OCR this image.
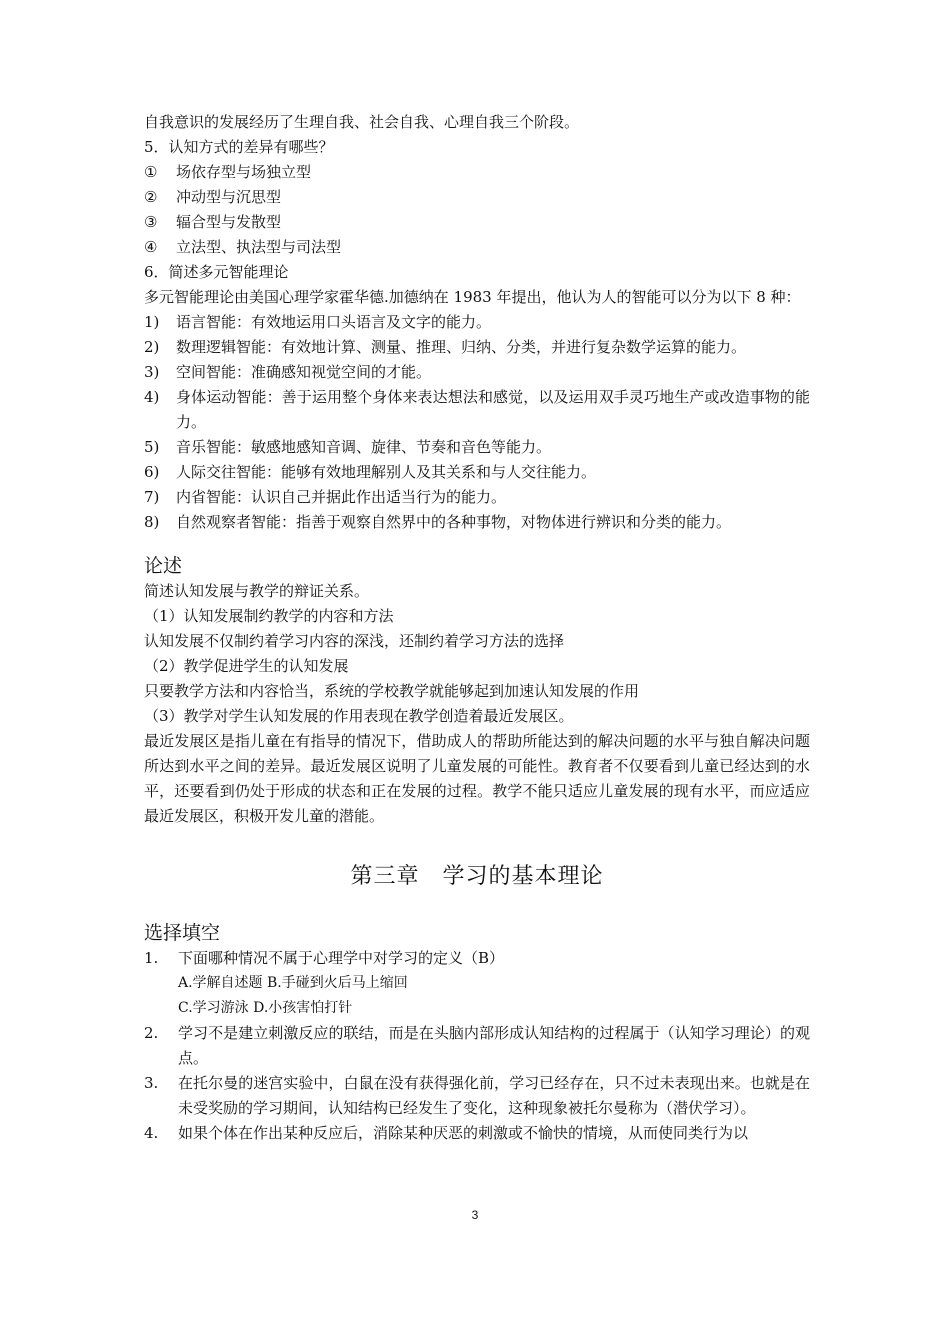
自我意识的发展经历了生理自我、社会自我、心理自我三个阶段。
5．认知方式的差异有哪些？
①	场依存型与场独立型
②	冲动型与沉思型
③	辐合型与发散型
④	立法型、执法型与司法型
6．简述多元智能理论
多元智能理论由美国心理学家霍华德.加德纳在 1983 年提出，他认为人的智能可以分为以下 8 种：
1)	语言智能：有效地运用口头语言及文字的能力。
2)	数理逻辑智能：有效地计算、测量、推理、归纳、分类，并进行复杂数学运算的能力。
3)	空间智能：准确感知视觉空间的才能。
4)	身体运动智能：善于运用整个身体来表达想法和感觉，以及运用双手灵巧地生产或改造事物的能力。
5)	音乐智能：敏感地感知音调、旋律、节奏和音色等能力。
6)	人际交往智能：能够有效地理解别人及其关系和与人交往能力。
7)	内省智能：认识自己并据此作出适当行为的能力。
8)	自然观察者智能：指善于观察自然界中的各种事物，对物体进行辨识和分类的能力。
论述
简述认知发展与教学的辩证关系。
（1）认知发展制约教学的内容和方法
认知发展不仅制约着学习内容的深浅，还制约着学习方法的选择
（2）教学促进学生的认知发展
只要教学方法和内容恰当，系统的学校教学就能够起到加速认知发展的作用
（3）教学对学生认知发展的作用表现在教学创造着最近发展区。
最近发展区是指儿童在有指导的情况下，借助成人的帮助所能达到的解决问题的水平与独自解决问题所达到水平之间的差异。最近发展区说明了儿童发展的可能性。教育者不仅要看到儿童已经达到的水平，还要看到仍处于形成的状态和正在发展的过程。教学不能只适应儿童发展的现有水平，而应适应最近发展区，积极开发儿童的潜能。
第三章　学习的基本理论
选择填空
1.	下面哪种情况不属于心理学中对学习的定义（B）
A.学解自述题 B.手碰到火后马上缩回
C.学习游泳 D.小孩害怕打针
2.	学习不是建立刺激反应的联结，而是在头脑内部形成认知结构的过程属于（认知学习理论）的观点。
3.	在托尔曼的迷宫实验中，白鼠在没有获得强化前，学习已经存在，只不过未表现出来。也就是在未受奖励的学习期间，认知结构已经发生了变化，这种现象被托尔曼称为（潜伏学习）。
4.	如果个体在作出某种反应后，消除某种厌恶的刺激或不愉快的情境，从而使同类行为以
3
